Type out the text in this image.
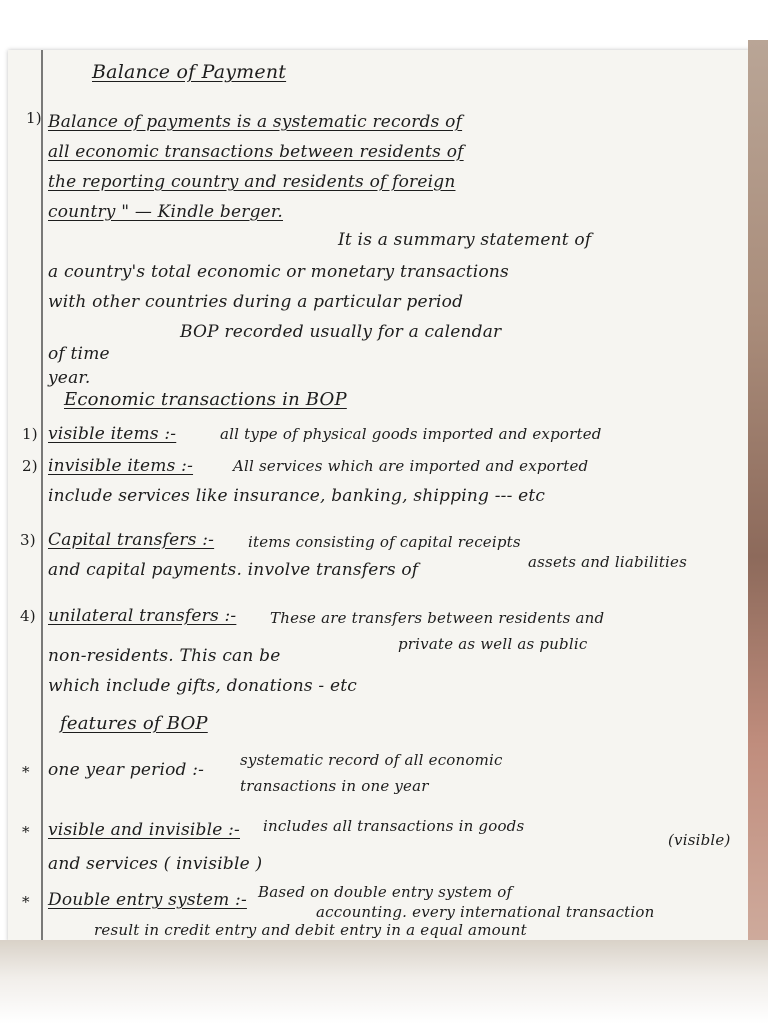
Balance of Payment
1) Balance of payments is a systematic records of
all economic transactions between residents of
the reporting country and residents of foreign
country " — Kindle berger.
It is a summary statement of
a country's total economic or monetary transactions
with other countries during a particular period
BOP recorded usually for a calendar
of time
year.
Economic transactions in BOP
1) visible items :-	all type of physical goods imported and exported
2) invisible items :-	All services which are imported and exported
include services like insurance, banking, shipping --- etc
3) Capital transfers :- items consisting of capital receipts
assets and liabilities
and capital payments. involve transfers of
4) unilateral transfers :- These are transfers between residents and
private as well as public
non-residents. This can be
which include gifts, donations - etc
features of BOP
* one year period :- systematic record of all economic
transactions in one year
* visible and invisible :- includes all transactions in goods
(visible)
and services ( invisible )
* Double entry system :- Based on double entry system of
accounting. every international transaction
result in credit entry and debit entry in a equal amount
